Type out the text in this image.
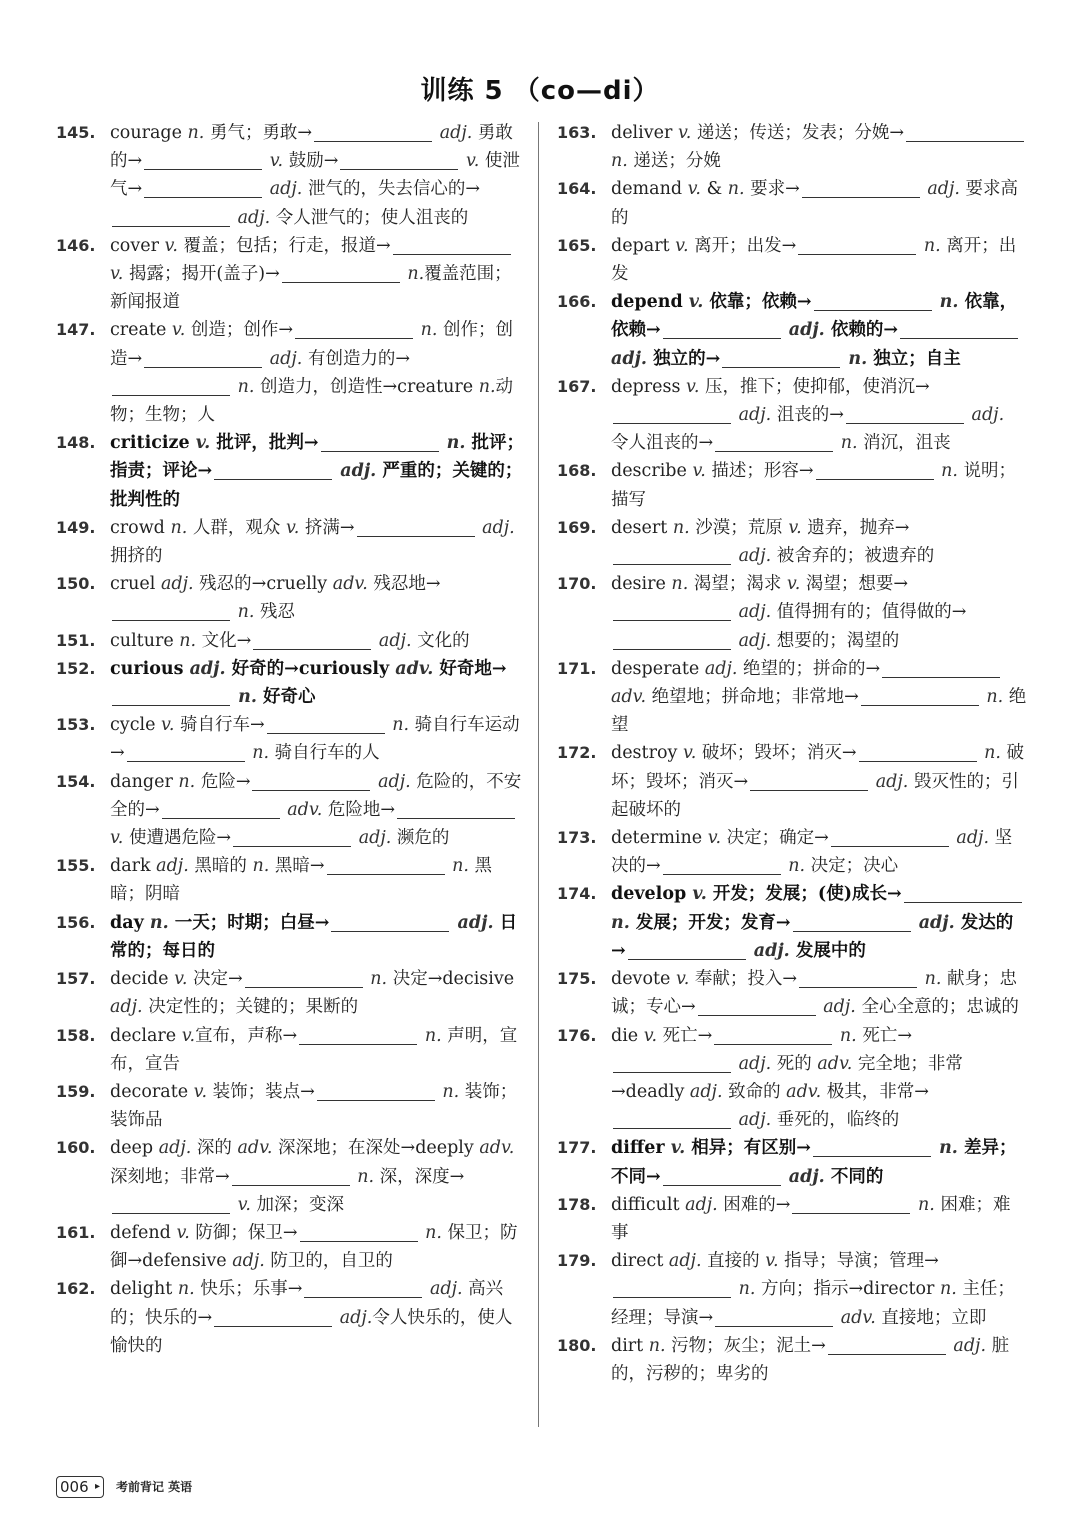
训练 5 （co—di）

145. courage n. 勇气；勇敢→	adj. 勇敢的→	v. 鼓励→	v. 使泄气→	adj. 泄气的，失去信心的→ adj. 令人泄气的；使人沮丧的

146. cover v. 覆盖；包括；行走，报道→ v. 揭露；揭开(盖子)→	n.覆盖范围；新闻报道

147. create v. 创造；创作→	n. 创作；创造→	adj. 有创造力的→ n. 创造力，创造性→creature n.动物；生物；人

148. criticize v. 批评，批判→	n. 批评；指责；评论→	adj. 严重的；关键的；批判性的

149. crowd n. 人群，观众 v. 挤满→	adj. 拥挤的

150. cruel adj. 残忍的→cruelly adv. 残忍地→ n. 残忍

151. culture n. 文化→	adj. 文化的

152. curious adj. 好奇的→curiously adv. 好奇地→ n. 好奇心

153. cycle v. 骑自行车→	n. 骑自行车运动→	n. 骑自行车的人

154. danger n. 危险→	adj. 危险的，不安全的→	adv. 危险地→ v. 使遭遇危险→	adj. 濒危的

155. dark adj. 黑暗的 n. 黑暗→	n. 黑暗；阴暗

156. day n. 一天；时期；白昼→	adj. 日常的；每日的

157. decide v. 决定→	n. 决定→decisive adj. 决定性的；关键的；果断的

158. declare v.宣布，声称→	n. 声明，宣布，宣告

159. decorate v. 装饰；装点→	n. 装饰；装饰品

160. deep adj. 深的 adv. 深深地；在深处→deeply adv. 深刻地；非常→	n. 深，深度→ v. 加深；变深

161. defend v. 防御；保卫→	n. 保卫；防御→defensive adj. 防卫的，自卫的

162. delight n. 快乐；乐事→	adj. 高兴的；快乐的→	adj.令人快乐的，使人愉快的

163. deliver v. 递送；传送；发表；分娩→ n. 递送；分娩

164. demand v. & n. 要求→	adj. 要求高的

165. depart v. 离开；出发→	n. 离开；出发

166. depend v. 依靠；依赖→	n. 依靠，依赖→	adj. 依赖的→ adj. 独立的→	n. 独立；自主

167. depress v. 压，推下；使抑郁，使消沉→ adj. 沮丧的→	adj. 令人沮丧的→	n. 消沉，沮丧

168. describe v. 描述；形容→	n. 说明；描写

169. desert n. 沙漠；荒原 v. 遗弃，抛弃→ adj. 被舍弃的；被遗弃的

170. desire n. 渴望；渴求 v. 渴望；想要→ adj. 值得拥有的；值得做的→ adj. 想要的；渴望的

171. desperate adj. 绝望的；拼命的→ adv. 绝望地；拼命地；非常地→	n. 绝望

172. destroy v. 破坏；毁坏；消灭→	n. 破坏；毁坏；消灭→	adj. 毁灭性的；引起破坏的

173. determine v. 决定；确定→	adj. 坚决的→	n. 决定；决心

174. develop v. 开发；发展；(使)成长→ n. 发展；开发；发育→	adj. 发达的→	adj. 发展中的

175. devote v. 奉献；投入→	n. 献身；忠诚；专心→	adj. 全心全意的；忠诚的

176. die v. 死亡→	n. 死亡→ adj. 死的 adv. 完全地；非常→deadly adj. 致命的 adv. 极其，非常→ adj. 垂死的，临终的

177. differ v. 相异；有区别→	n. 差异；不同→	adj. 不同的

178. difficult adj. 困难的→	n. 困难；难事

179. direct adj. 直接的 v. 指导；导演；管理→ n. 方向；指示→director n. 主任；经理；导演→	adv. 直接地；立即

180. dirt n. 污物；灰尘；泥土→	adj. 脏的，污秽的；卑劣的

006 ▸ 考前背记 英语
